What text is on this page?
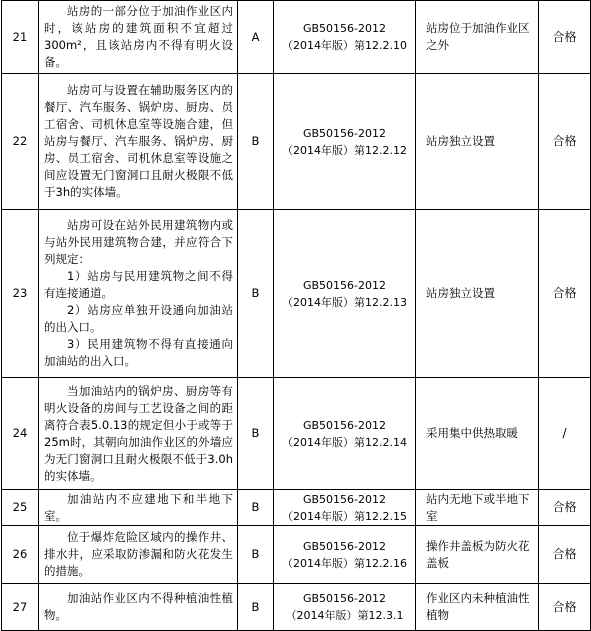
21	站房的一部分位于加油作业区内时，该站房的建筑面积不宜超过300m²，且该站房内不得有明火设备。	A	GB50156-2012
（2014年版）第12.2.10	站房位于加油作业区之外	合格
22	站房可与设置在辅助服务区内的餐厅、汽车服务、锅炉房、厨房、员工宿舍、司机休息室等设施合建，但站房与餐厅、汽车服务、锅炉房、厨房、员工宿舍、司机休息室等设施之间应设置无门窗洞口且耐火极限不低于3h的实体墙。	B	GB50156-2012
（2014年版）第12.2.12	站房独立设置	合格
23	站房可设在站外民用建筑物内或与站外民用建筑物合建，并应符合下列规定：
1）站房与民用建筑物之间不得有连接通道。
2）站房应单独开设通向加油站的出入口。
3）民用建筑物不得有直接通向加油站的出入口。	B	GB50156-2012
（2014年版）第12.2.13	站房独立设置	合格
24	当加油站内的锅炉房、厨房等有明火设备的房间与工艺设备之间的距离符合表5.0.13的规定但小于或等于25m时，其朝向加油作业区的外墙应为无门窗洞口且耐火极限不低于3.0h的实体墙。	B	GB50156-2012
（2014年版）第12.2.14	采用集中供热取暖	/
25	加油站内不应建地下和半地下室。	B	GB50156-2012
（2014年版）第12.2.15	站内无地下或半地下室	合格
26	位于爆炸危险区域内的操作井、排水井，应采取防渗漏和防火花发生的措施。	B	GB50156-2012
（2014年版）第12.2.16	操作井盖板为防火花盖板	合格
27	加油站作业区内不得种植油性植物。	B	GB50156-2012
（2014年版）第12.3.1	作业区内未种植油性植物	合格
